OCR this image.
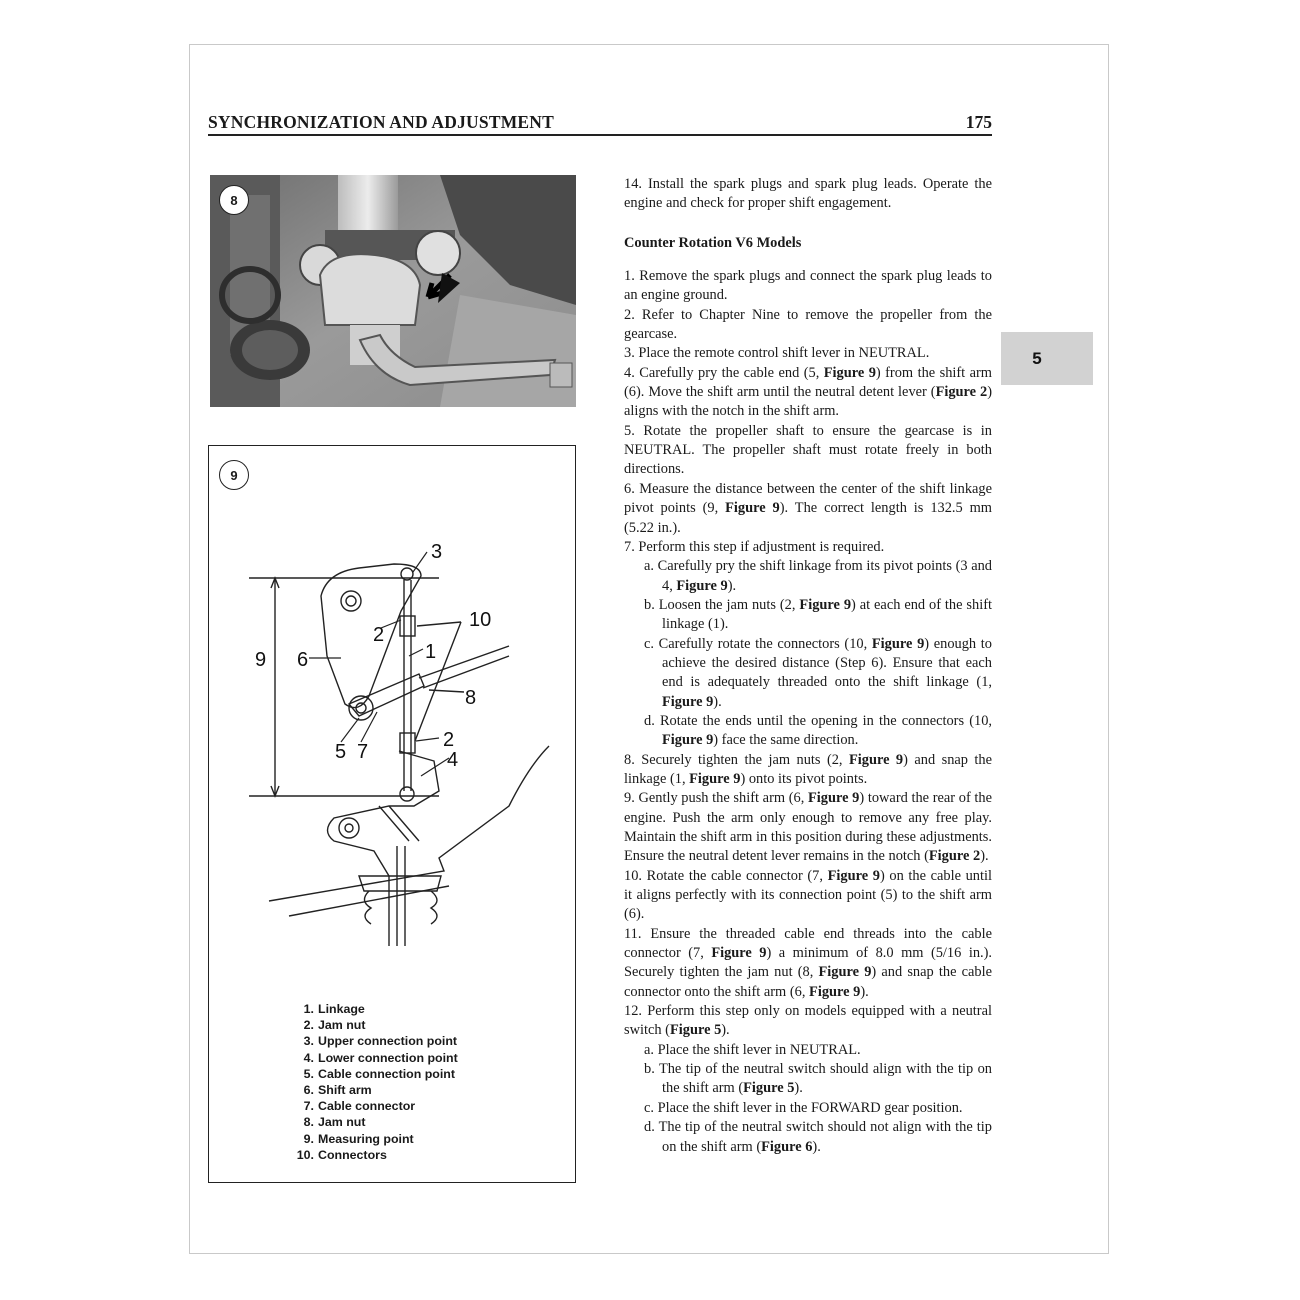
SYNCHRONIZATION AND ADJUSTMENT	175
5
8
9
3
2
10
1
9 6
8
2
4
5 7
1. Linkage
2. Jam nut
3. Upper connection point
4. Lower connection point
5. Cable connection point
6. Shift arm
7. Cable connector
8. Jam nut
9. Measuring point
10. Connectors

14. Install the spark plugs and spark plug leads. Operate the engine and check for proper shift engagement.

Counter Rotation V6 Models

1. Remove the spark plugs and connect the spark plug leads to an engine ground.

2. Refer to Chapter Nine to remove the propeller from the gearcase.

3. Place the remote control shift lever in NEUTRAL.

4. Carefully pry the cable end (5, Figure 9) from the shift arm (6). Move the shift arm until the neutral detent lever (Figure 2) aligns with the notch in the shift arm.

5. Rotate the propeller shaft to ensure the gearcase is in NEUTRAL. The propeller shaft must rotate freely in both directions.

6. Measure the distance between the center of the shift linkage pivot points (9, Figure 9). The correct length is 132.5 mm (5.22 in.).

7. Perform this step if adjustment is required.

a. Carefully pry the shift linkage from its pivot points (3 and 4, Figure 9).

b. Loosen the jam nuts (2, Figure 9) at each end of the shift linkage (1).

c. Carefully rotate the connectors (10, Figure 9) enough to achieve the desired distance (Step 6). Ensure that each end is adequately threaded onto the shift linkage (1, Figure 9).

d. Rotate the ends until the opening in the connectors (10, Figure 9) face the same direction.

8. Securely tighten the jam nuts (2, Figure 9) and snap the linkage (1, Figure 9) onto its pivot points.

9. Gently push the shift arm (6, Figure 9) toward the rear of the engine. Push the arm only enough to remove any free play. Maintain the shift arm in this position during these adjustments. Ensure the neutral detent lever remains in the notch (Figure 2).

10. Rotate the cable connector (7, Figure 9) on the cable until it aligns perfectly with its connection point (5) to the shift arm (6).

11. Ensure the threaded cable end threads into the cable connector (7, Figure 9) a minimum of 8.0 mm (5/16 in.). Securely tighten the jam nut (8, Figure 9) and snap the cable connector onto the shift arm (6, Figure 9).

12. Perform this step only on models equipped with a neutral switch (Figure 5).

a. Place the shift lever in NEUTRAL.

b. The tip of the neutral switch should align with the tip on the shift arm (Figure 5).

c. Place the shift lever in the FORWARD gear position.

d. The tip of the neutral switch should not align with the tip on the shift arm (Figure 6).
